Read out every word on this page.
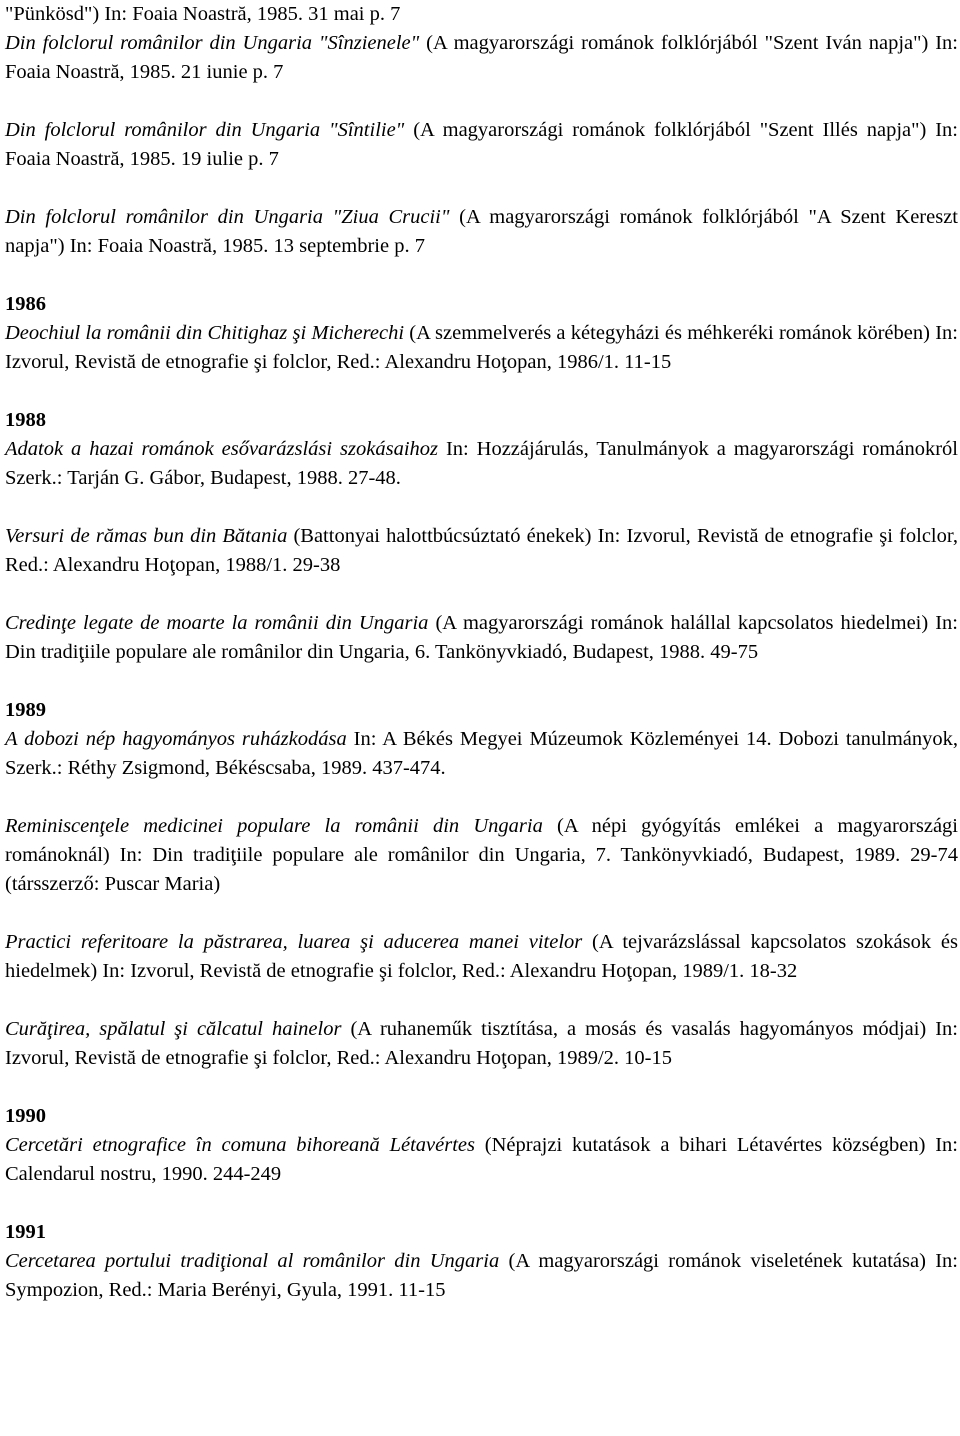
"Pünkösd") In: Foaia Noastră, 1985. 31 mai p. 7

Din folclorul românilor din Ungaria "Sînzienele" (A magyarországi románok folklórjából "Szent Iván napja") In: Foaia Noastră, 1985. 21 iunie p. 7

Din folclorul românilor din Ungaria "Sîntilie" (A magyarországi románok folklórjából "Szent Illés napja") In: Foaia Noastră, 1985. 19 iulie p. 7

Din folclorul românilor din Ungaria "Ziua Crucii" (A magyarországi románok folklórjából "A Szent Kereszt napja") In: Foaia Noastră, 1985. 13 septembrie p. 7

1986

Deochiul la românii din Chitighaz şi Micherechi (A szemmelverés a kétegyházi és méhkeréki románok körében) In: Izvorul, Revistă de etnografie şi folclor, Red.: Alexandru Hoţopan, 1986/1. 11-15

1988

Adatok a hazai románok esővarázslási szokásaihoz In: Hozzájárulás, Tanulmányok a magyarországi románokról Szerk.: Tarján G. Gábor, Budapest, 1988. 27-48.

Versuri de rămas bun din Bătania (Battonyai halottbúcsúztató énekek) In: Izvorul, Revistă de etnografie şi folclor, Red.: Alexandru Hoţopan, 1988/1. 29-38

Credinţe legate de moarte la românii din Ungaria (A magyarországi románok halállal kapcsolatos hiedelmei) In: Din tradiţiile populare ale românilor din Ungaria, 6. Tankönyvkiadó, Budapest, 1988. 49-75

1989

A dobozi nép hagyományos ruházkodása In: A Békés Megyei Múzeumok Közleményei 14. Dobozi tanulmányok, Szerk.: Réthy Zsigmond, Békéscsaba, 1989. 437-474.

Reminiscenţele medicinei populare la românii din Ungaria (A népi gyógyítás emlékei a magyarországi románoknál) In: Din tradiţiile populare ale românilor din Ungaria, 7. Tankönyvkiadó, Budapest, 1989. 29-74 (társszerző: Puscar Maria)

Practici referitoare la păstrarea, luarea şi aducerea manei vitelor (A tejvarázslással kapcsolatos szokások és hiedelmek) In: Izvorul, Revistă de etnografie şi folclor, Red.: Alexandru Hoţopan, 1989/1. 18-32

Curăţirea, spălatul şi călcatul hainelor (A ruhaneműk tisztítása, a mosás és vasalás hagyományos módjai) In: Izvorul, Revistă de etnografie şi folclor, Red.: Alexandru Hoţopan, 1989/2. 10-15

1990

Cercetări etnografice în comuna bihoreană Létavértes (Néprajzi kutatások a bihari Létavértes községben) In: Calendarul nostru, 1990. 244-249

1991

Cercetarea portului tradiţional al românilor din Ungaria (A magyarországi románok viseletének kutatása) In: Sympozion, Red.: Maria Berényi, Gyula, 1991. 11-15
